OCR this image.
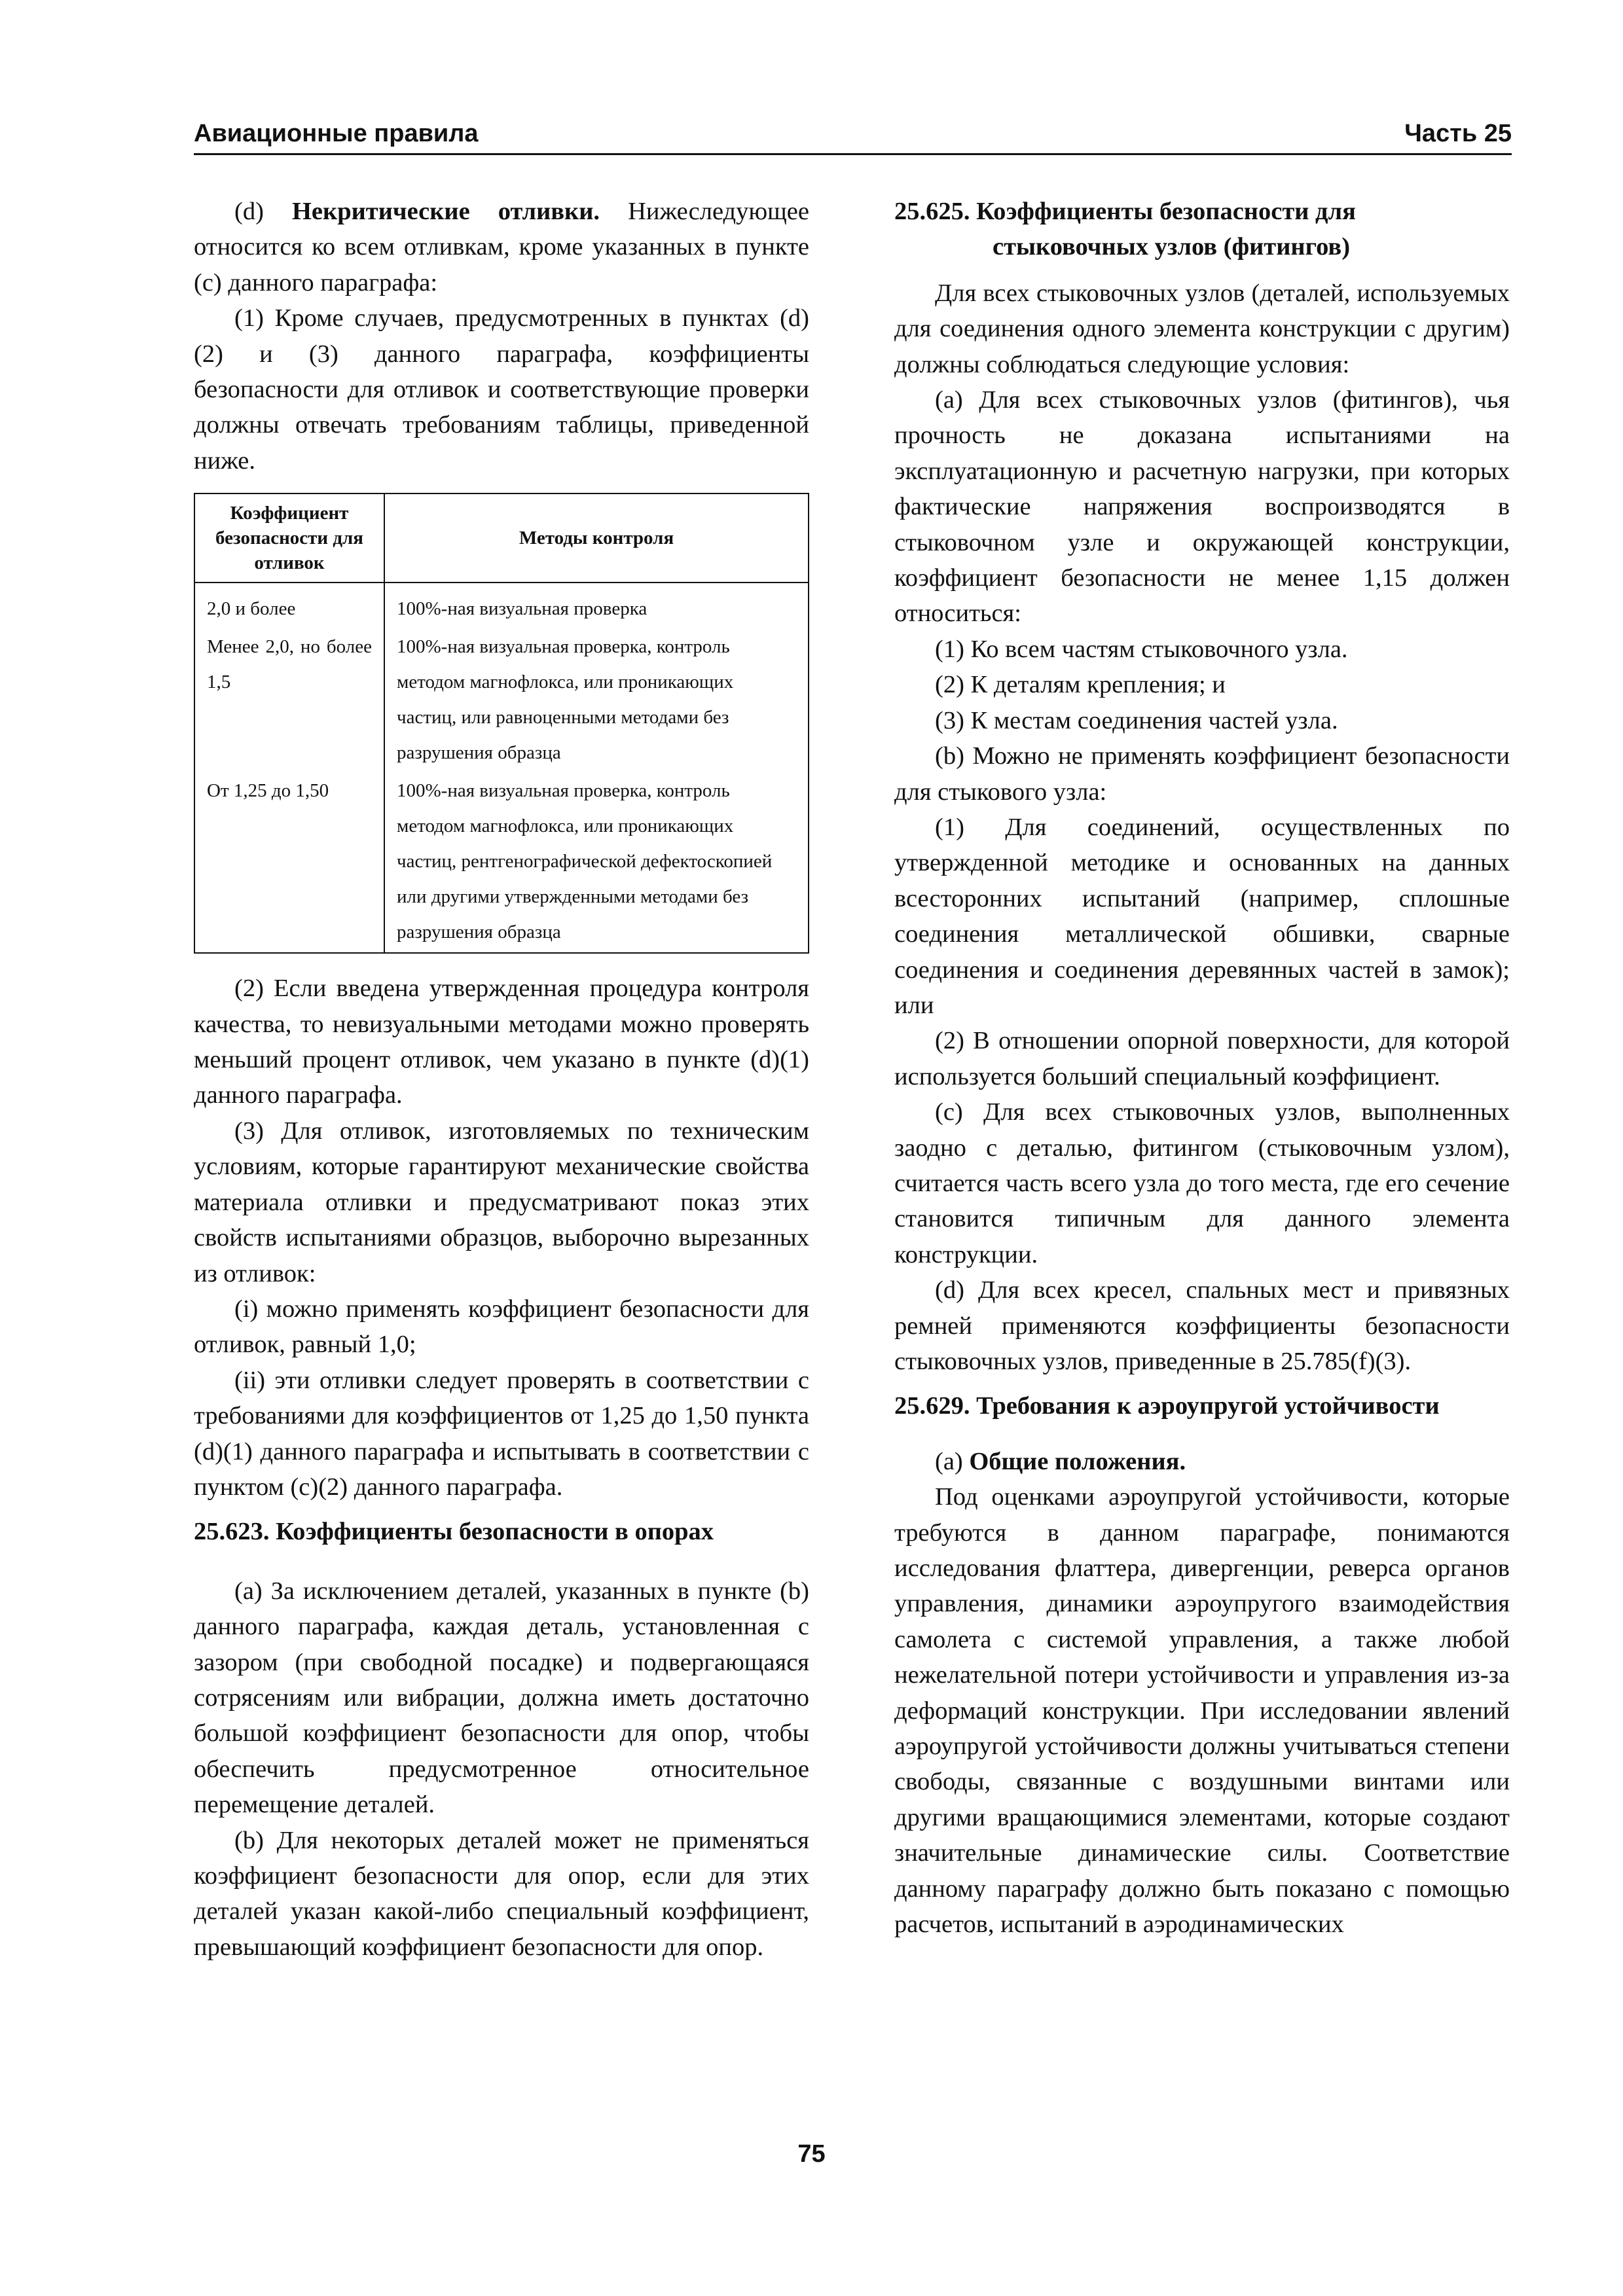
Авиационные правила	Часть 25

(d) Некритические отливки. Нижеследующее относится ко всем отливкам, кроме указанных в пункте (с) данного параграфа:

(1) Кроме случаев, предусмотренных в пунктах (d)(2) и (3) данного параграфа, коэффициенты безопасности для отливок и соответствующие проверки должны отвечать требованиям таблицы, приведенной ниже.

Коэффициент безопасности для отливок	Методы контроля
2,0 и более	100%-ная визуальная проверка
Менее 2,0, но более 1,5	100%-ная визуальная проверка, контроль методом магнофлокса, или проникающих частиц, или равноценными методами без разрушения образца
От 1,25 до 1,50	100%-ная визуальная проверка, контроль методом магнофлокса, или проникающих частиц, рентгенографической дефектоскопией или другими утвержденными методами без разрушения образца

(2) Если введена утвержденная процедура контроля качества, то невизуальными методами можно проверять меньший процент отливок, чем указано в пункте (d)(1) данного параграфа.

(3) Для отливок, изготовляемых по техническим условиям, которые гарантируют механические свойства материала отливки и предусматривают показ этих свойств испытаниями образцов, выборочно вырезанных из отливок:

(i) можно применять коэффициент безопасности для отливок, равный 1,0;

(ii) эти отливки следует проверять в соответствии с требованиями для коэффициентов от 1,25 до 1,50 пункта (d)(1) данного параграфа и испытывать в соответствии с пунктом (с)(2) данного параграфа.

25.623. Коэффициенты безопасности в опорах

(а) За исключением деталей, указанных в пункте (b) данного параграфа, каждая деталь, установленная с зазором (при свободной посадке) и подвергающаяся сотрясениям или вибрации, должна иметь достаточно большой коэффициент безопасности для опор, чтобы обеспечить предусмотренное относительное перемещение деталей.

(b) Для некоторых деталей может не применяться коэффициент безопасности для опор, если для этих деталей указан какой-либо специальный коэффициент, превышающий коэффициент безопасности для опор.

25.625. Коэффициенты безопасности для стыковочных узлов (фитингов)

Для всех стыковочных узлов (деталей, используемых для соединения одного элемента конструкции с другим) должны соблюдаться следующие условия:

(а) Для всех стыковочных узлов (фитингов), чья прочность не доказана испытаниями на эксплуатационную и расчетную нагрузки, при которых фактические напряжения воспроизводятся в стыковочном узле и окружающей конструкции, коэффициент безопасности не менее 1,15 должен относиться:

(1) Ко всем частям стыковочного узла.

(2) К деталям крепления; и

(3) К местам соединения частей узла.

(b) Можно не применять коэффициент безопасности для стыкового узла:

(1) Для соединений, осуществленных по утвержденной методике и основанных на данных всесторонних испытаний (например, сплошные соединения металлической обшивки, сварные соединения и соединения деревянных частей в замок); или

(2) В отношении опорной поверхности, для которой используется больший специальный коэффициент.

(с) Для всех стыковочных узлов, выполненных заодно с деталью, фитингом (стыковочным узлом), считается часть всего узла до того места, где его сечение становится типичным для данного элемента конструкции.

(d) Для всех кресел, спальных мест и привязных ремней применяются коэффициенты безопасности стыковочных узлов, приведенные в 25.785(f)(3).

25.629. Требования к аэроупругой устойчивости

(а) Общие положения.

Под оценками аэроупругой устойчивости, которые требуются в данном параграфе, понимаются исследования флаттера, дивергенции, реверса органов управления, динамики аэроупругого взаимодействия самолета с системой управления, а также любой нежелательной потери устойчивости и управления из-за деформаций конструкции. При исследовании явлений аэроупругой устойчивости должны учитываться степени свободы, связанные с воздушными винтами или другими вращающимися элементами, которые создают значительные динамические силы. Соответствие данному параграфу должно быть показано с помощью расчетов, испытаний в аэродинамических

75
